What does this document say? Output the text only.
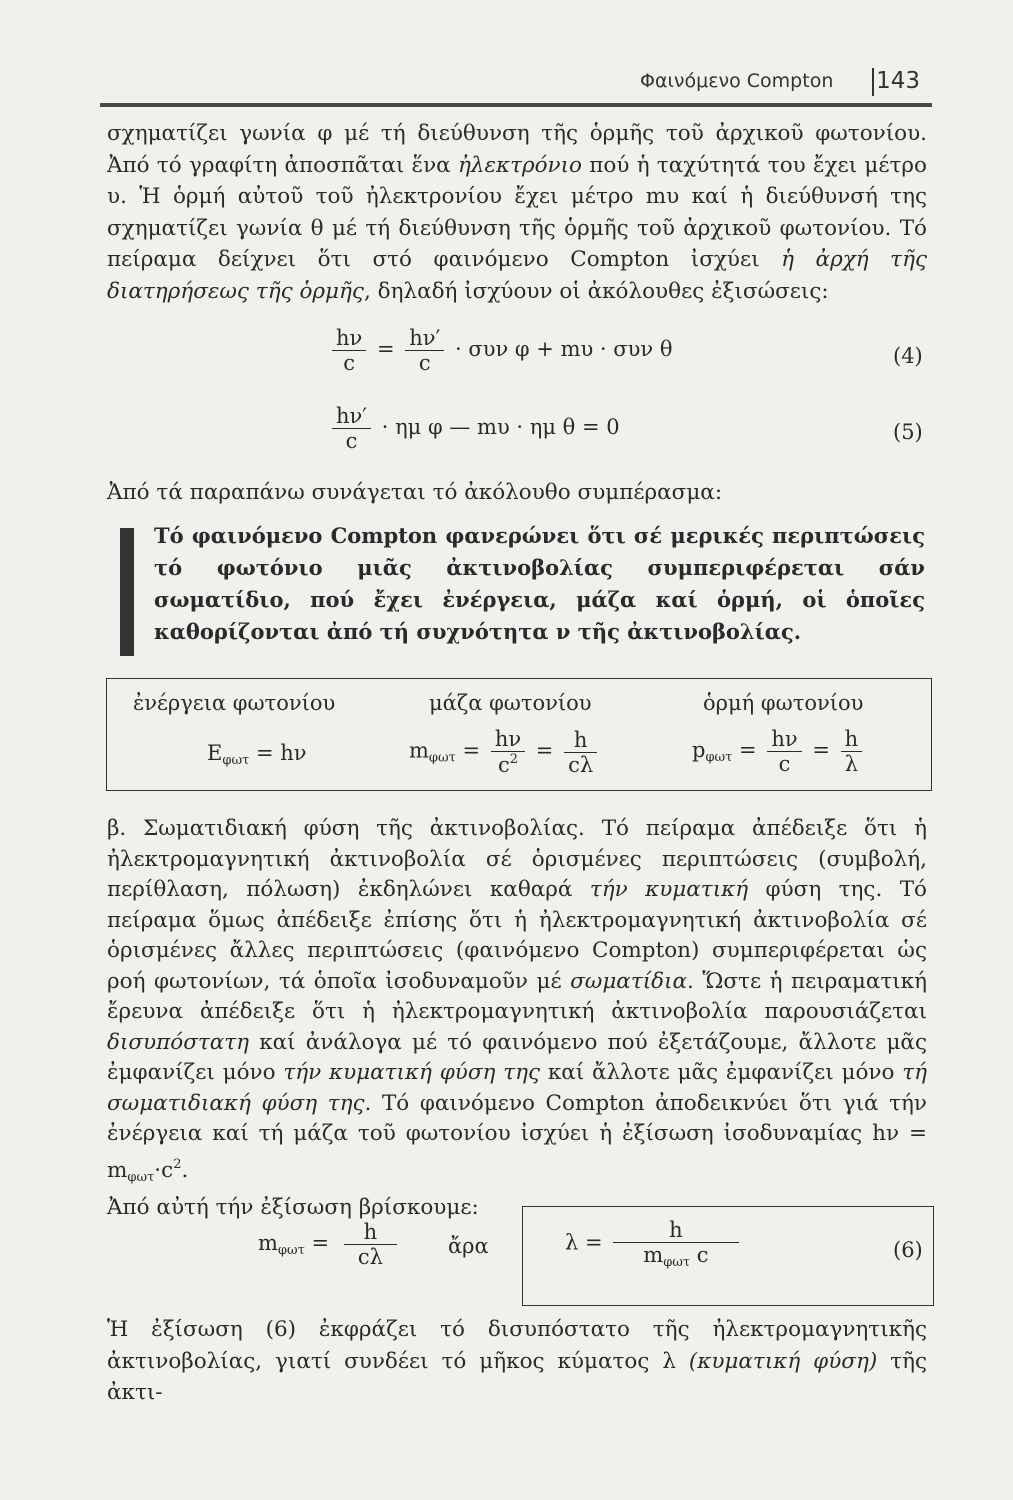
Φαινόμενο Compton 143

σχηματίζει γωνία φ μέ τή διεύθυνση τῆς ὁρμῆς τοῦ ἀρχικοῦ φωτονίου. Ἀπό τό γραφίτη ἀποσπᾶται ἕνα ἠλεκτρόνιο πού ἡ ταχύτητά του ἔχει μέτρο υ. Ἡ ὁρμή αὐτοῦ τοῦ ἠλεκτρονίου ἔχει μέτρο mυ καί ἡ διεύθυνσή της σχηματίζει γωνία θ μέ τή διεύθυνση τῆς ὁρμῆς τοῦ ἀρχικοῦ φωτονίου. Τό πείραμα δείχνει ὅτι στό φαινόμενο Compton ἰσχύει ἡ ἀρχή τῆς διατηρήσεως τῆς ὁρμῆς, δηλαδή ἰσχύουν οἱ ἀκόλουθες ἐξισώσεις:

$\frac{h\nu}{c} = \frac{h\nu'}{c} \cdot \sigma\upsilon\nu$ φ + mυ · συν θ	(4)
$\frac{h\nu'}{c} \cdot \eta\mu$ φ — mυ · ημ θ = 0	(5)
Ἀπό τά παραπάνω συνάγεται τό ἀκόλουθο συμπέρασμα:
Τό φαινόμενο Compton φανερώνει ὅτι σέ μερικές περιπτώσεις τό φωτόνιο μιᾶς ἀκτινοβολίας συμπεριφέρεται σάν σωματίδιο, πού ἔχει ἐνέργεια, μάζα καί ὁρμή, οἱ ὁποῖες καθορίζονται ἀπό τή συχνότητα ν τῆς ἀκτινοβολίας.
ἐνέργεια φωτονίου	μάζα φωτονίου	ὁρμή φωτονίου
$E_{\varphi\omega\tau} = h\nu$	$m_{\varphi\omega\tau} = \frac{h\nu}{c^2} = \frac{h}{c\lambda}$	$p_{\varphi\omega\tau} = \frac{h\nu}{c} = \frac{h}{\lambda}$

β. Σωματιδιακή φύση τῆς ἀκτινοβολίας. Τό πείραμα ἀπέδειξε ὅτι ἡ ἠλεκτρομαγνητική ἀκτινοβολία σέ ὁρισμένες περιπτώσεις (συμβολή, περίθλαση, πόλωση) ἐκδηλώνει καθαρά τήν κυματική φύση της. Τό πείραμα ὅμως ἀπέδειξε ἐπίσης ὅτι ἡ ἠλεκτρομαγνητική ἀκτινοβολία σέ ὁρισμένες ἄλλες περιπτώσεις (φαινόμενο Compton) συμπεριφέρεται ὡς ροή φωτονίων, τά ὁποῖα ἰσοδυναμοῦν μέ σωματίδια. Ὥστε ἡ πειραματική ἔρευνα ἀπέδειξε ὅτι ἡ ἠλεκτρομαγνητική ἀκτινοβολία παρουσιάζεται δισυπόστατη καί ἀνάλογα μέ τό φαινόμενο πού ἐξετάζουμε, ἄλλοτε μᾶς ἐμφανίζει μόνο τήν κυματική φύση της καί ἄλλοτε μᾶς ἐμφανίζει μόνο τή σωματιδιακή φύση της. Τό φαινόμενο Compton ἀποδεικνύει ὅτι γιά τήν ἐνέργεια καί τή μάζα τοῦ φωτονίου ἰσχύει ἡ ἐξίσωση ἰσοδυναμίας $h\nu = m_{\varphi\omega\tau}\cdot c^2$.

Ἀπό αὐτή τήν ἐξίσωση βρίσκουμε:

$m_{\varphi\omega\tau} = \frac{h}{c\lambda}$ ἄρα	$\lambda = \frac{h}{m_{\varphi\omega\tau} c}$	(6)

Ἡ ἐξίσωση (6) ἐκφράζει τό δισυπόστατο τῆς ἠλεκτρομαγνητικῆς ἀκτινοβολίας, γιατί συνδέει τό μῆκος κύματος λ (κυματική φύση) τῆς ἀκτι-
